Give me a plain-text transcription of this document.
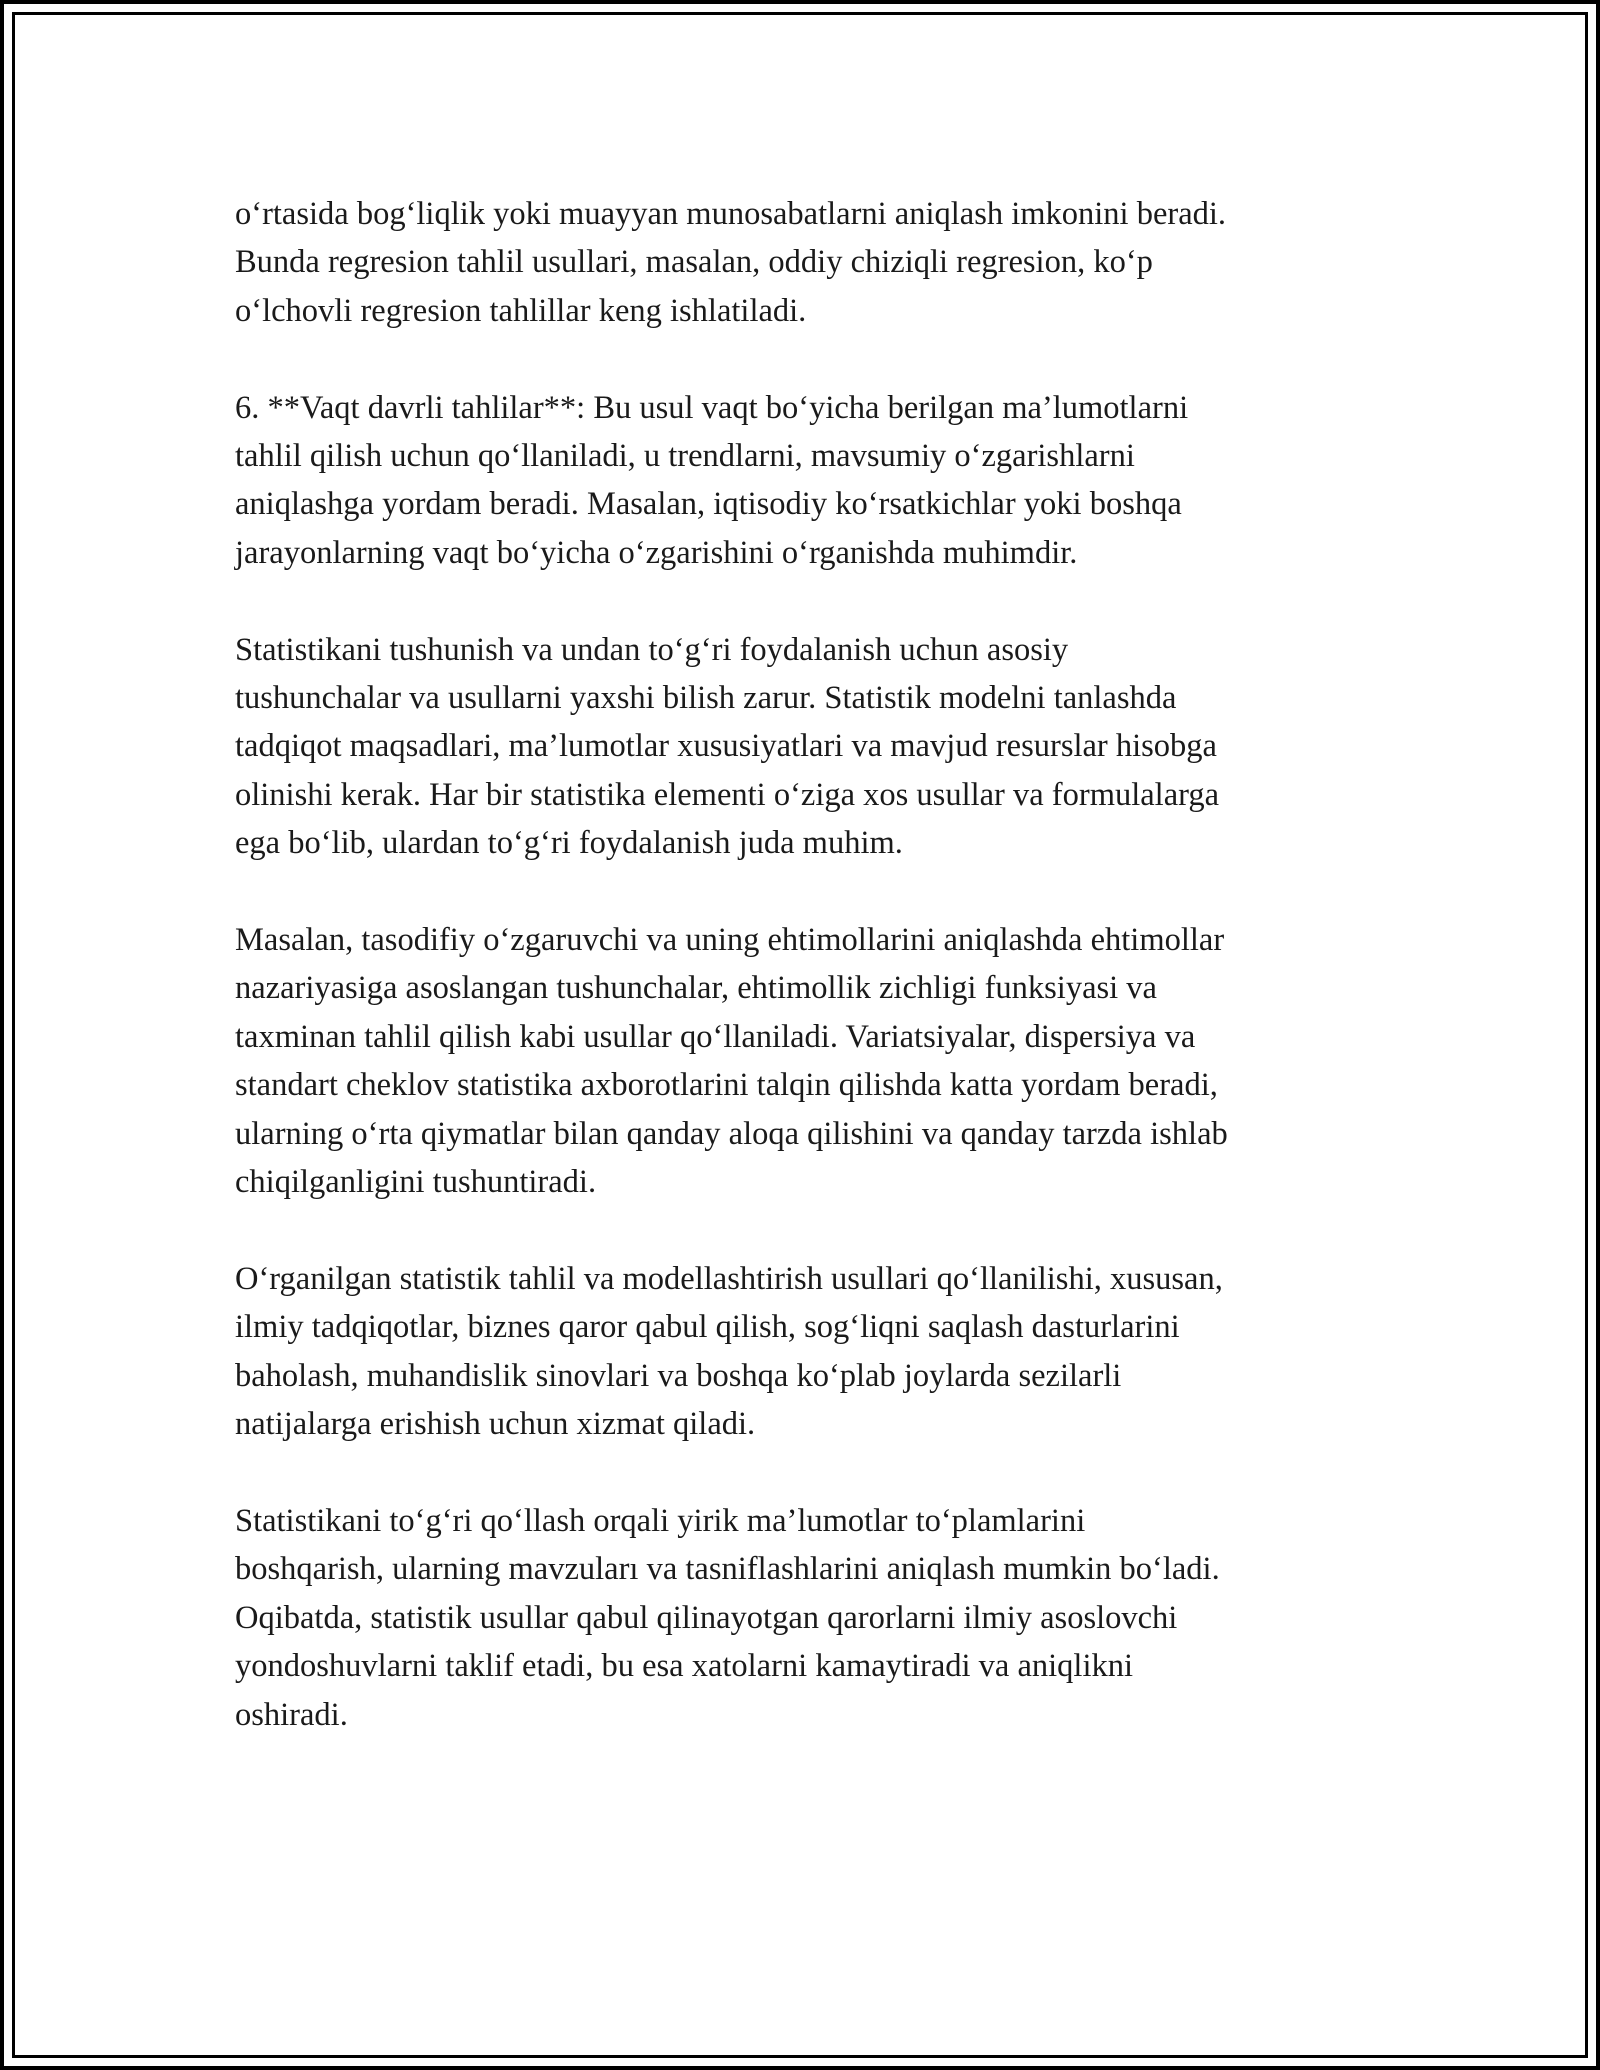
o‘rtasida bog‘liqlik yoki muayyan munosabatlarni aniqlash imkonini beradi.
Bunda regresion tahlil usullari, masalan, oddiy chiziqli regresion, ko‘p
o‘lchovli regresion tahlillar keng ishlatiladi.

6. **Vaqt davrli tahlilar**: Bu usul vaqt bo‘yicha berilgan ma’lumotlarni
tahlil qilish uchun qo‘llaniladi, u trendlarni, mavsumiy o‘zgarishlarni
aniqlashga yordam beradi. Masalan, iqtisodiy ko‘rsatkichlar yoki boshqa
jarayonlarning vaqt bo‘yicha o‘zgarishini o‘rganishda muhimdir.

Statistikani tushunish va undan to‘g‘ri foydalanish uchun asosiy
tushunchalar va usullarni yaxshi bilish zarur. Statistik modelni tanlashda
tadqiqot maqsadlari, ma’lumotlar xususiyatlari va mavjud resurslar hisobga
olinishi kerak. Har bir statistika elementi o‘ziga xos usullar va formulalarga
ega bo‘lib, ulardan to‘g‘ri foydalanish juda muhim.

Masalan, tasodifiy o‘zgaruvchi va uning ehtimollarini aniqlashda ehtimollar
nazariyasiga asoslangan tushunchalar, ehtimollik zichligi funksiyasi va
taxminan tahlil qilish kabi usullar qo‘llaniladi. Variatsiyalar, dispersiya va
standart cheklov statistika axborotlarini talqin qilishda katta yordam beradi,
ularning o‘rta qiymatlar bilan qanday aloqa qilishini va qanday tarzda ishlab
chiqilganligini tushuntiradi.

O‘rganilgan statistik tahlil va modellashtirish usullari qo‘llanilishi, xususan,
ilmiy tadqiqotlar, biznes qaror qabul qilish, sog‘liqni saqlash dasturlarini
baholash, muhandislik sinovlari va boshqa ko‘plab joylarda sezilarli
natijalarga erishish uchun xizmat qiladi.

Statistikani to‘g‘ri qo‘llash orqali yirik ma’lumotlar to‘plamlarini
boshqarish, ularning mavzuları va tasniflashlarini aniqlash mumkin bo‘ladi.
Oqibatda, statistik usullar qabul qilinayotgan qarorlarni ilmiy asoslovchi
yondoshuvlarni taklif etadi, bu esa xatolarni kamaytiradi va aniqlikni
oshiradi.
